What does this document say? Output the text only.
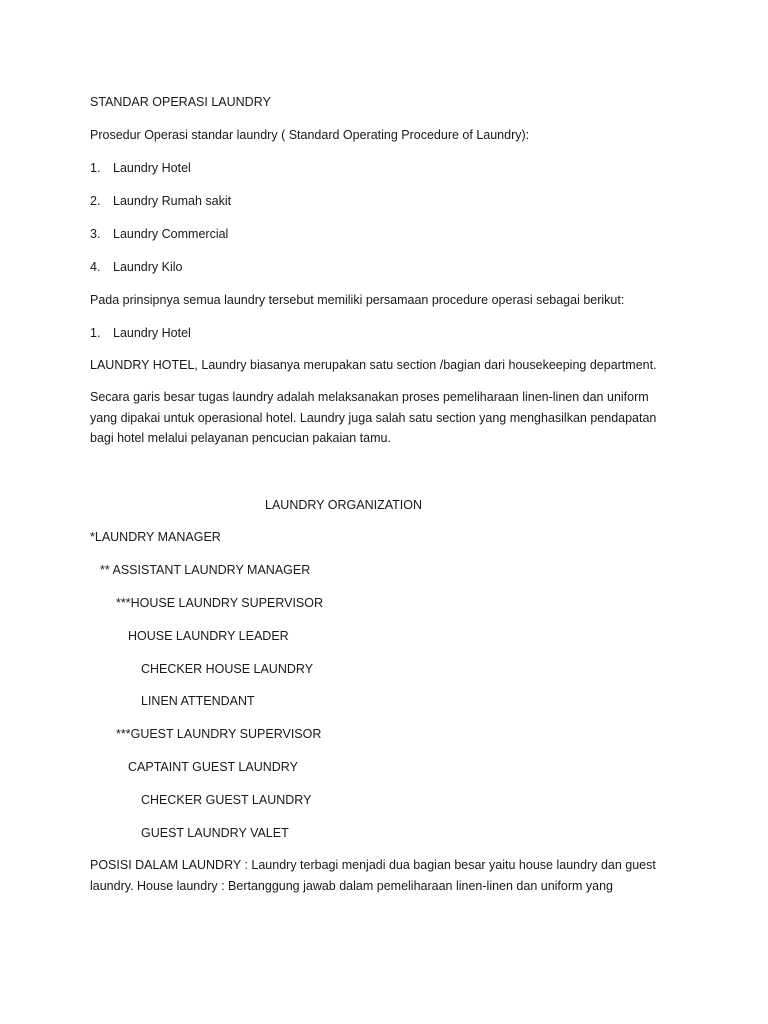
STANDAR OPERASI LAUNDRY
Prosedur Operasi standar laundry ( Standard Operating Procedure of Laundry):
1. Laundry Hotel
2. Laundry Rumah sakit
3. Laundry Commercial
4. Laundry Kilo
Pada prinsipnya semua laundry tersebut memiliki persamaan procedure operasi sebagai berikut:
1. Laundry Hotel
LAUNDRY HOTEL, Laundry biasanya merupakan satu section /bagian dari housekeeping department.
Secara garis besar tugas laundry adalah melaksanakan proses pemeliharaan linen-linen dan uniform yang dipakai untuk operasional hotel. Laundry juga salah satu section yang menghasilkan pendapatan bagi hotel melalui pelayanan pencucian pakaian tamu.
LAUNDRY ORGANIZATION
*LAUNDRY MANAGER
** ASSISTANT LAUNDRY MANAGER
***HOUSE LAUNDRY SUPERVISOR
HOUSE LAUNDRY LEADER
CHECKER HOUSE LAUNDRY
LINEN ATTENDANT
***GUEST LAUNDRY SUPERVISOR
CAPTAINT GUEST LAUNDRY
CHECKER GUEST LAUNDRY
GUEST LAUNDRY VALET
POSISI DALAM LAUNDRY : Laundry terbagi menjadi dua bagian besar yaitu house laundry dan guest laundry. House laundry : Bertanggung jawab dalam pemeliharaan linen-linen dan uniform yang
